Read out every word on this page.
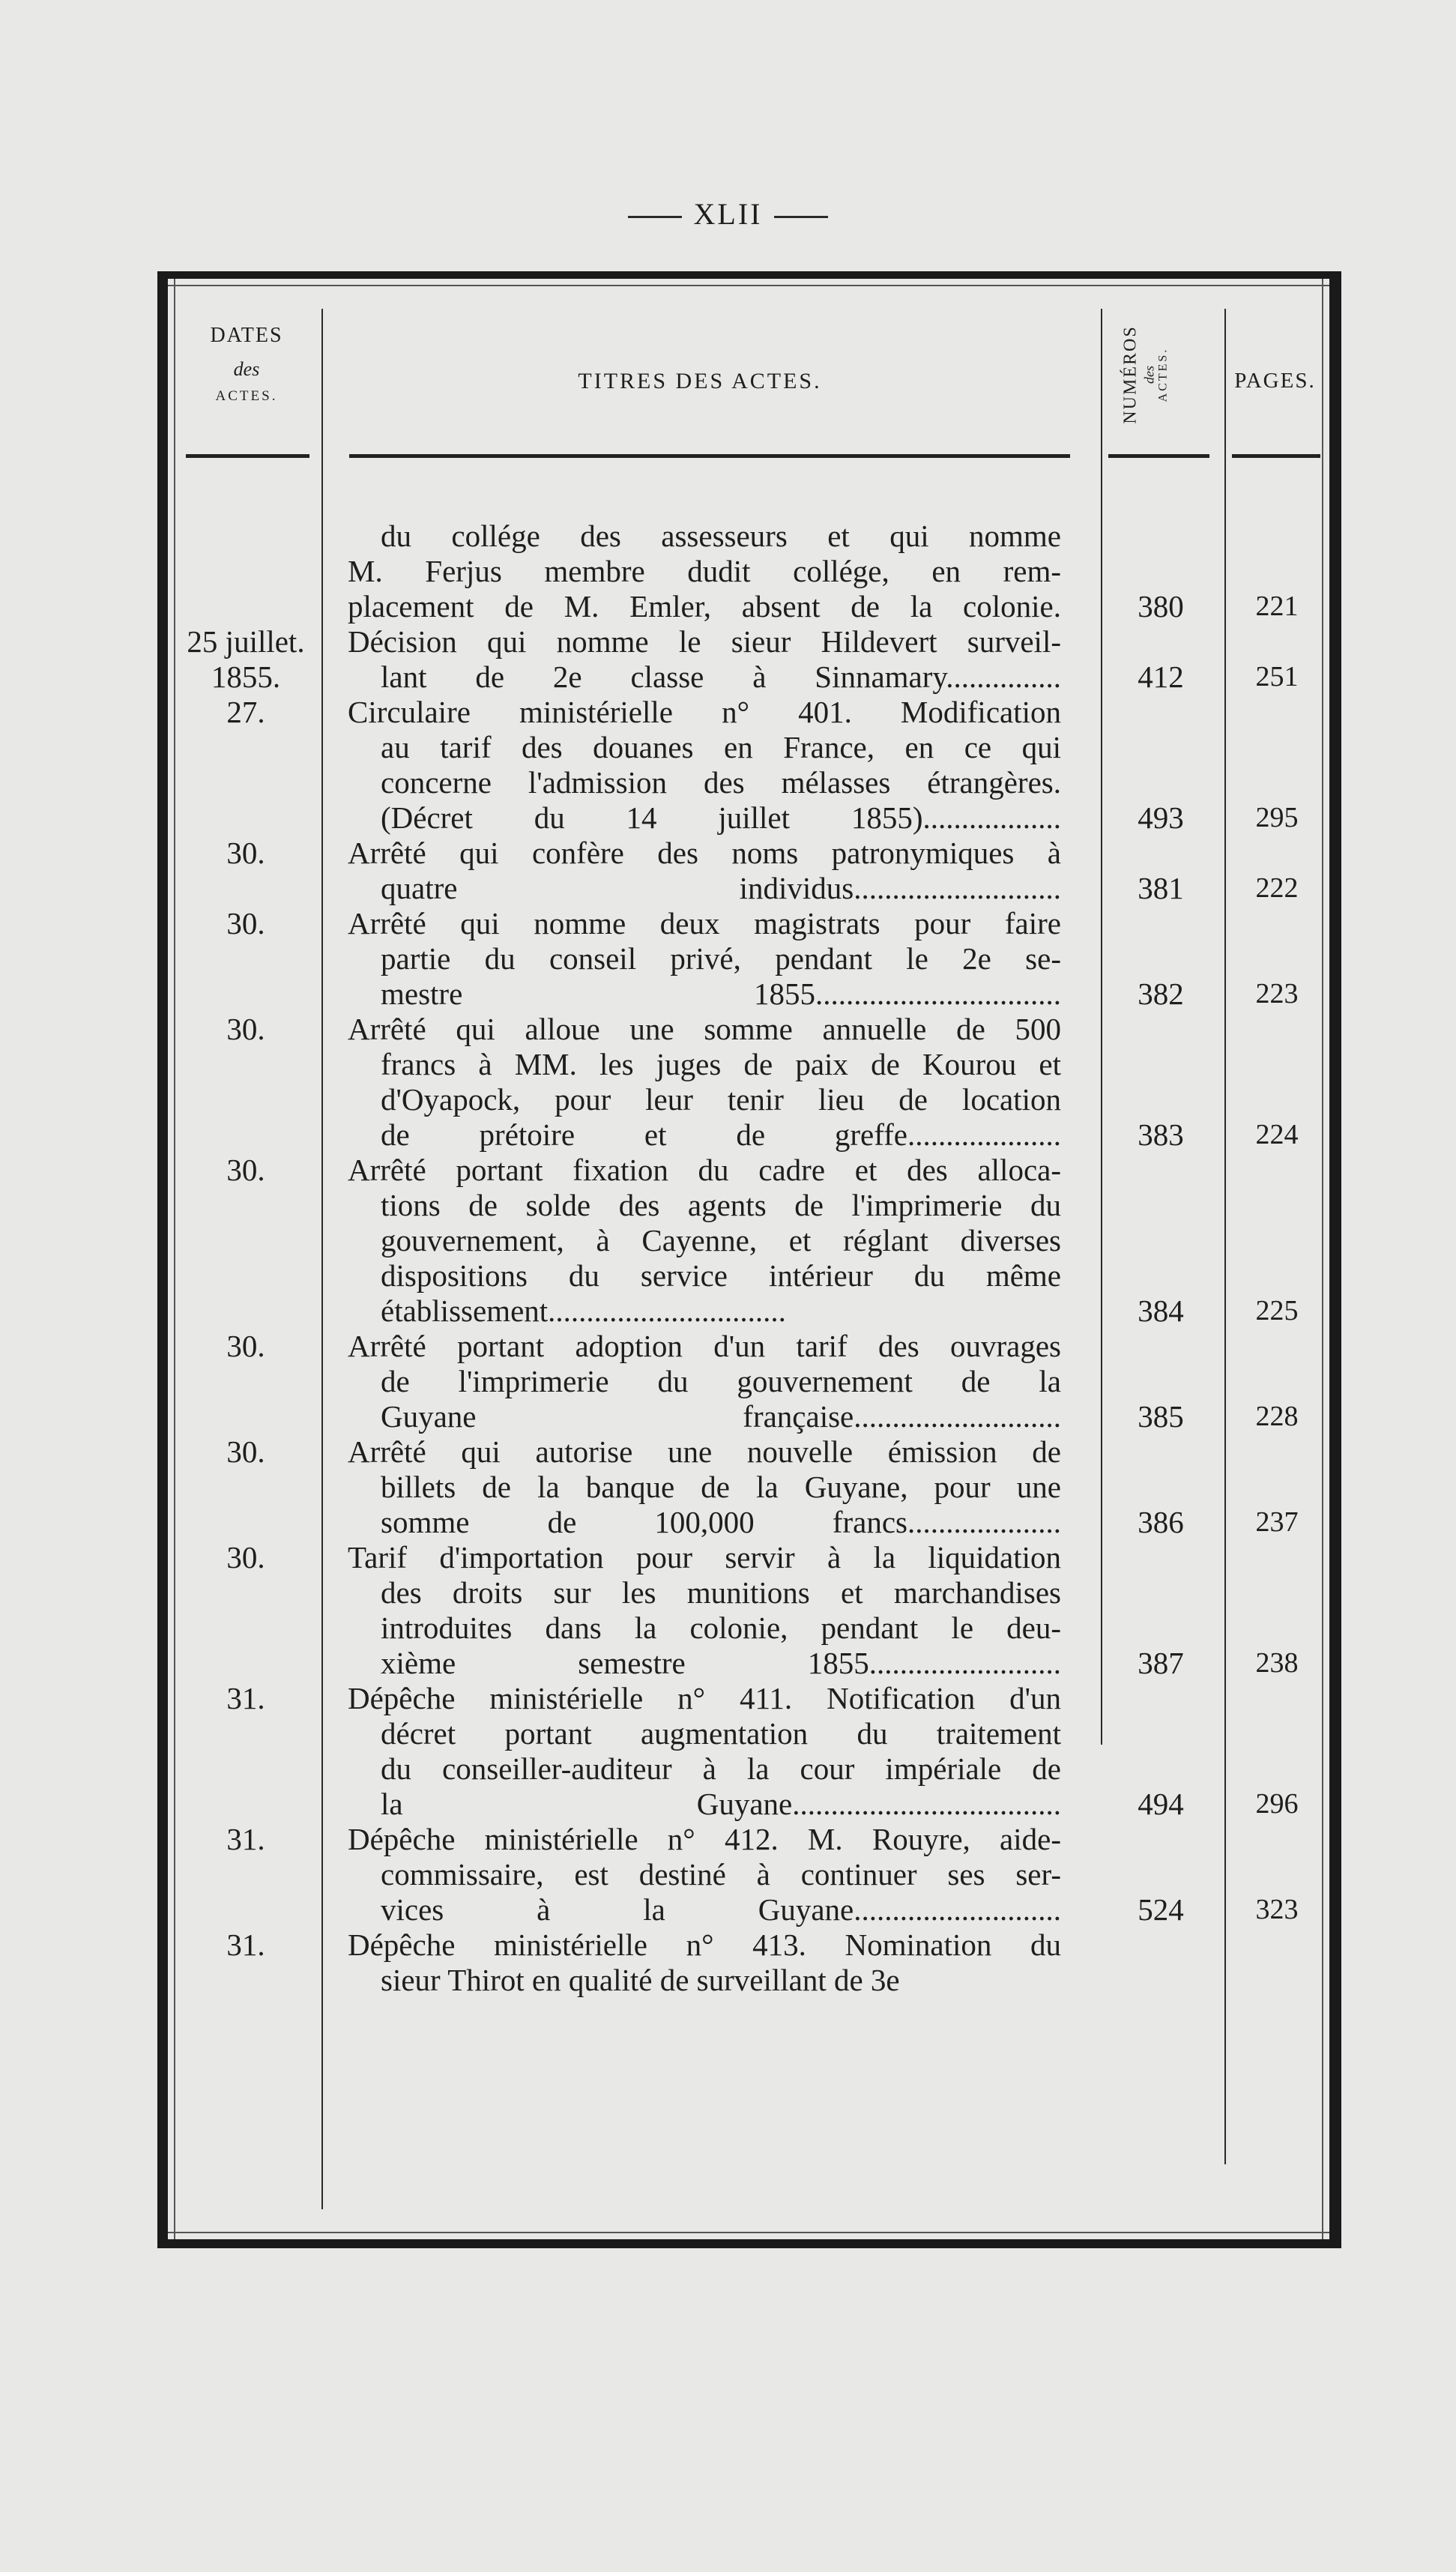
XLII
DATES
des
ACTES.
TITRES DES ACTES.	NUMÉROS des ACTES.	PAGES.
du collége des assesseurs et qui nomme
M. Ferjus membre dudit collége, en rem-
placement de M. Emler, absent de la colonie.	380	221
25 juillet.
1855.
Décision qui nomme le sieur Hildevert surveil-
lant de 2e classe à Sinnamary...............	412	251
27.	Circulaire ministérielle n° 401. Modification
au tarif des douanes en France, en ce qui
concerne l'admission des mélasses étrangères.
(Décret du 14 juillet 1855)..................	493	295
30.	Arrêté qui confère des noms patronymiques à
quatre individus...........................	381	222
30.	Arrêté qui nomme deux magistrats pour faire
partie du conseil privé, pendant le 2e se-
mestre 1855................................	382	223
30.	Arrêté qui alloue une somme annuelle de 500
francs à MM. les juges de paix de Kourou et
d'Oyapock, pour leur tenir lieu de location
de prétoire et de greffe....................	383	224
30.	Arrêté portant fixation du cadre et des alloca-
tions de solde des agents de l'imprimerie du
gouvernement, à Cayenne, et réglant diverses
dispositions du service intérieur du même
établissement...............................	384	225
30.	Arrêté portant adoption d'un tarif des ouvrages
de l'imprimerie du gouvernement de la
Guyane française...........................	385	228
30.	Arrêté qui autorise une nouvelle émission de
billets de la banque de la Guyane, pour une
somme de 100,000 francs....................	386	237
30.	Tarif d'importation pour servir à la liquidation
des droits sur les munitions et marchandises
introduites dans la colonie, pendant le deu-
xième semestre 1855.........................	387	238
31.	Dépêche ministérielle n° 411. Notification d'un
décret portant augmentation du traitement
du conseiller-auditeur à la cour impériale de
la Guyane...................................	494	296
31.	Dépêche ministérielle n° 412. M. Rouyre, aide-
commissaire, est destiné à continuer ses ser-
vices à la Guyane...........................	524	323
31.	Dépêche ministérielle n° 413. Nomination du
sieur Thirot en qualité de surveillant de 3e
